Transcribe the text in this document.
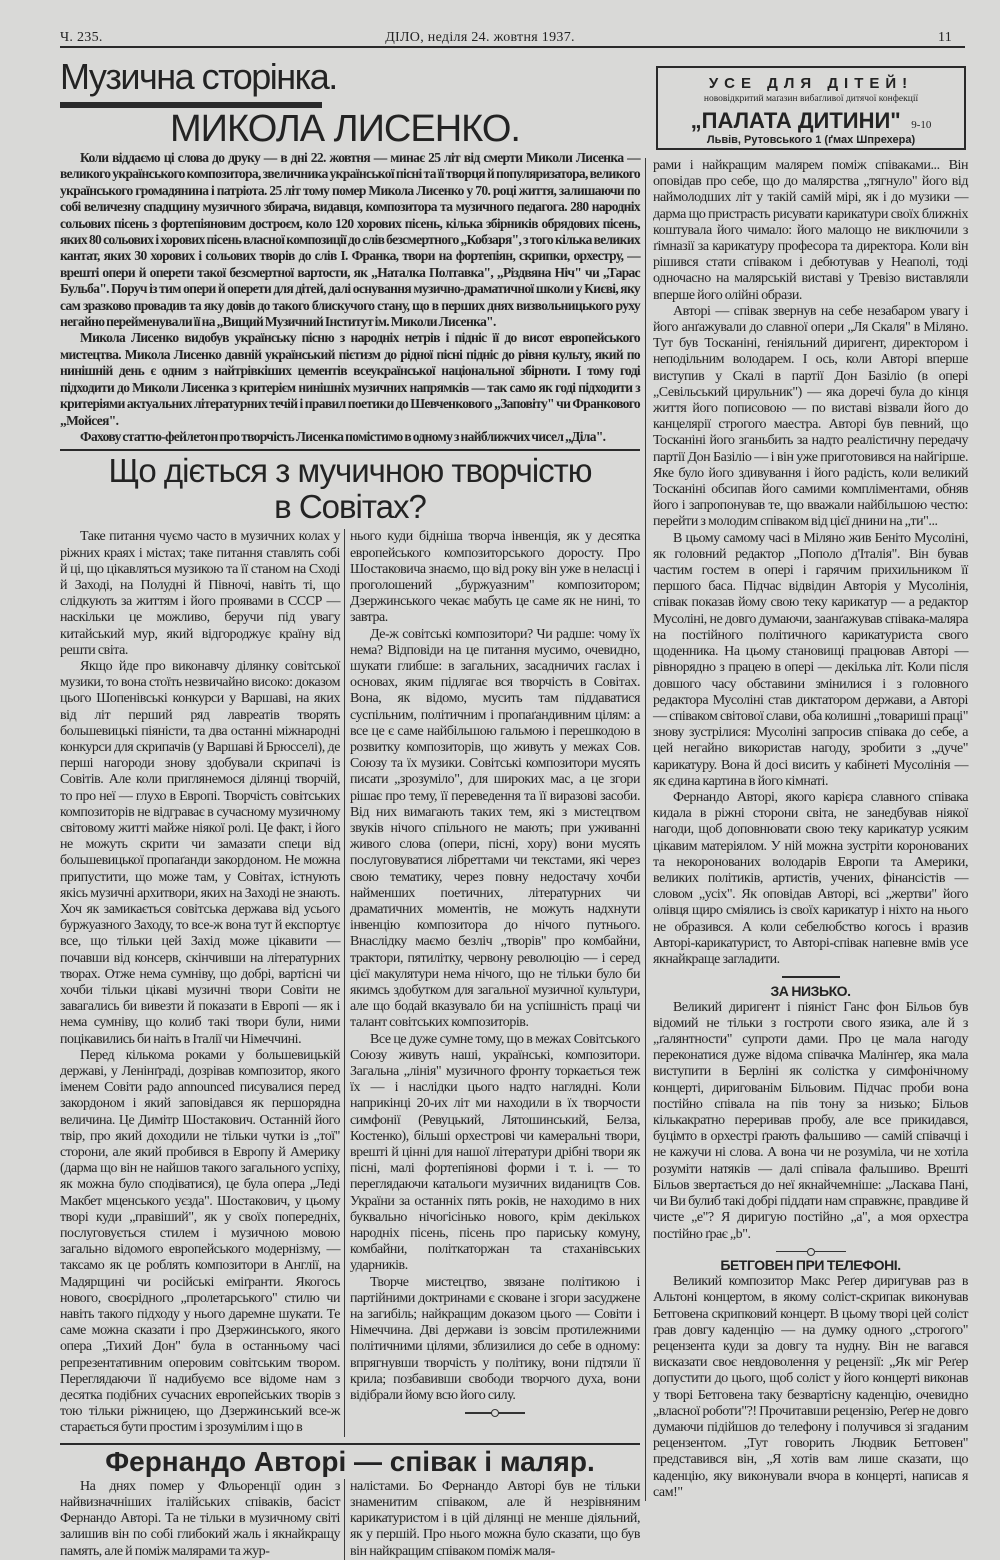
Ч. 235.	ДІЛО, неділя 24. жовтня 1937.	11
УСЕ ДЛЯ ДІТЕЙ!
нововідкритий маґазин вибаґливої дитячої конфекції
„ПАЛАТА ДИТИНИ" 9-10
Львів, Рутовського 1 (ґмах Шпрехера)
Музична сторінка.
МИКОЛА ЛИСЕНКО.

Коли віддаємо ці слова до друку — в дні 22. жовтня — минає 25 літ від смерти Миколи Лисенка — великого українського композитора, звеличника української пісні та її творця й популяризатора, великого українського громадянина і патріота. 25 літ тому помер Микола Лисенко у 70. році життя, залишаючи по собі величезну спадщину музичного збирача, видавця, композитора та музичного педагога. 280 народніх сольових пісень з фортепіяновим достроєм, коло 120 хорових пісень, кілька збірників обрядових пісень, яких 80 сольових і хорових пісень власної композиції до слів безсмертного „Кобзаря", з того кілька великих кантат, яких 30 хорових і сольових творів до слів І. Франка, твори на фортепіян, скрипки, орхестру, — врешті опери й оперети такої безсмертної вартости, як „Наталка Полтавка", „Різдвяна Ніч" чи „Тарас Бульба". Поруч із тим опери й оперети для дітей, далі оснування музично-драматичної школи у Києві, яку сам зразково провадив та яку довів до такого блискучого стану, що в перших днях визвольницького руху негайно перейменували її на „Вищий Музичний Інститут ім. Миколи Лисенка".

Микола Лисенко видобув українську пісню з народніх нетрів і підніс її до висот европейського мистецтва. Микола Лисенко давній український пієтизм до рідної пісні підніс до рівня культу, який по нинішній день є одним з найтрівкіших цементів всеукраїнської національної збірноти. І тому годі підходити до Миколи Лисенка з критерієм нинішніх музичних напрямків — так само як годі підходити з критеріями актуальних літературних течій і правил поетики до Шевченкового „Заповіту" чи Франкового „Мойсея".

Фахову статтю-фейлетон про творчість Лисенка помістимо в одному з найближчих чисел „Діла".

Що діється з мучичною творчістю
в Совітах?

Таке питання чуємо часто в музичних колах у ріжних краях і містах; таке питання ставлять собі й ці, що цікавляться музикою та її станом на Сході й Заході, на Полудні й Півночі, навіть ті, що слідкують за життям і його проявами в СССР — наскільки це можливо, беручи під увагу китайський мур, який відгороджує країну від решти світа.

Якщо йде про виконавчу ділянку совітської музики, то вона стоїть незвичайно високо: доказом цього Шопенівські конкурси у Варшаві, на яких від літ перший ряд лавреатів творять большевицькі піяністи, та два останні міжнародні конкурси для скрипачів (у Варшаві й Брюсселі), де перші нагороди знову здобували скрипачі із Совітів. Але коли приглянемося ділянці творчій, то про неї — глухо в Европі. Творчість совітських композиторів не відграває в сучасному музичному світовому житті майже ніякої ролі. Це факт, і його не можуть скрити чи замазати специ від большевицької пропаґанди закордоном. Не можна припустити, що може там, у Совітах, істнують якісь музичні архитвори, яких на Заході не знають. Хоч як замикається совітська держава від усього буржуазного Заходу, то все-ж вона тут й експортує все, що тільки цей Захід може цікавити — почавши від консерв, скінчивши на літературних творах. Отже нема сумніву, що добрі, вартісні чи хочби тільки цікаві музичні твори Совіти не завагались би вивезти й показати в Европі — як і нема сумніву, що колиб такі твори були, ними поцікавились би наіть в Італії чи Німеччині.

Перед кількома роками у большевицькій державі, у Ленінґраді, дозрівав композитор, якого іменем Совіти радо announced писувалися перед закордоном і який заповідався як першорядна величина. Це Димітр Шостакович. Останній його твір, про який доходили не тільки чутки із „тої" сторони, але який пробився в Европу й Америку (дарма що він не найшов такого загального успіху, як можна було сподіватися), це була опера „Леді Макбет мценського уєзда". Шостакович, у цьому творі куди „правіший", як у своїх попередніх, послуговується стилем і музичною мовою загально відомого европейського модернізму, — таксамо як це роблять композитори в Англії, на Мадярщині чи російські еміґранти. Якогось нового, своєрідного „пролетарського" стилю чи навіть такого підходу у нього даремне шукати. Те саме можна сказати і про Дзержинського, якого опера „Тихий Дон" була в останньому часі репрезентативним оперовим совітським твором. Переглядаючи її надибуємо все відоме нам з десятка подібних сучасних европейських творів з тою тільки ріжницею, що Дзержинський все-ж старається бути простим і зрозумілим і що в

нього куди бідніша творча інвенція, як у десятка европейського композиторського доросту. Про Шостаковича знаємо, що від року він уже в неласці і проголошений „буржуазним" композитором; Дзержинського чекає мабуть це саме як не нині, то завтра.

Де-ж совітські композитори? Чи радше: чому їх нема? Відповіди на це питання мусимо, очевидно, шукати глибше: в загальних, засадничих гаслах і основах, яким підлягає вся творчість в Совітах. Вона, як відомо, мусить там піддаватися суспільним, політичним і пропаґандивним цілям: а все це є саме найбільшою гальмою і перешкодою в розвитку композиторів, що живуть у межах Сов. Союзу та їх музики. Совітські композитори мусять писати „зрозуміло", для широких мас, а це згори рішає про тему, її переведення та її виразові засоби. Від них вимагають таких тем, які з мистецтвом звуків нічого спільного не мають; при уживанні живого слова (опери, пісні, хору) вони мусять послуговуватися лібреттами чи текстами, які через свою тематику, через повну недостачу хочби найменших поетичних, літературних чи драматичних моментів, не можуть надхнути інвенцію композитора до нічого путнього. Внаслідку маємо безліч „творів" про комбайни, трактори, пятилітку, червону революцію — і серед цієї макулятури нема нічого, що не тільки було би якимсь здобутком для загальної музичної культури, але що бодай вказувало би на успішність праці чи талант совітських композиторів.

Все це дуже сумне тому, що в межах Совітського Союзу живуть наші, українські, композитори. Загальна „лінія" музичного фронту торкається теж їх — і наслідки цього надто наглядні. Коли наприкінці 20-их літ ми находили в їх творчости симфонії (Ревуцький, Лятошинський, Белза, Костенко), більші орхестрові чи камеральні твори, врешті й цінні для нашої літератури дрібні твори як пісні, малі фортепіянові форми і т. і. — то переглядаючи катальоги музичних видаництв Сов. України за останніх пять років, не находимо в них буквально нічогісінько нового, крім декількох народніх пісень, пісень про париську комуну, комбайни, політкаторжан та стаханівських ударників.

Творче мистецтво, звязане політикою і партійними доктринами є сковане і згори засуджене на загибіль; найкращим доказом цього — Совіти і Німеччина. Дві держави із зовсім протилежними політичними цілями, зблизилися до себе в одному: впрягнувши творчість у політику, вони підтяли її крила; позбавивши свободи творчого духа, вони відібрали йому всю його силу.

Фернандо Авторі — співак і маляр.

На днях помер у Фльоренції один з найвизначніших італійських співаків, басіст Фернандо Авторі. Та не тільки в музичному світі залишив він по собі глибокий жаль і якнайкращу память, але й поміж малярами та жур-

налістами. Бо Фернандо Авторі був не тільки знаменитим співаком, але й незрівняним карикатуристом і в цій ділянці не менше діяльний, як у першій. Про нього можна було сказати, що був він найкращим співаком поміж маля-

рами і найкращим малярем поміж співаками... Він оповідав про себе, що до малярства „тягнуло" його від наймолодших літ у такій самій мірі, як і до музики — дарма що пристрасть рисувати карикатури своїх ближніх коштувала його чимало: його малощо не виключили з ґімназії за карикатуру професора та директора. Коли він рішився стати співаком і дебютував у Неаполі, тоді одночасно на малярській виставі у Тревізо виставляли вперше його олійні образи.

Авторі — співак звернув на себе незабаром увагу і його анґажували до славної опери „Ля Скаля" в Міляно. Тут був Тосканіні, ґеніяльний диригент, директором і неподільним володарем. І ось, коли Авторі вперше виступив у Скалі в партії Дон Базіліо (в опері „Севільський цирульник") — яка доречі була до кінця життя його пописовою — по виставі візвали його до канцелярії строгого маестра. Авторі був певний, що Тосканіні його зганьбить за надто реалістичну передачу партії Дон Базіліо — і він уже приготовився на найгірше. Яке було його здивування і його радість, коли великий Тосканіні обсипав його самими компліментами, обняв його і запропонував те, що вважали найбільшою честю: перейти з молодим співаком від цієї днини на „ти"...

В цьому самому часі в Міляно жив Беніто Мусоліні, як головний редактор „Пополо д'Італія". Він бував частим гостем в опері і гарячим прихильником її першого баса. Підчас відвідин Авторія у Мусолінія, співак показав йому свою теку карикатур — а редактор Мусоліні, не довго думаючи, заанґажував співака-маляра на постійного політичного карикатуриста свого щоденника. На цьому становищі працював Авторі — рівнорядно з працею в опері — декілька літ. Коли після довшого часу обставини змінилися і з головного редактора Мусоліні став диктатором держави, а Авторі — співаком світової слави, оба колишні „товариші праці" знову зустрілися: Мусоліні запросив співака до себе, а цей негайно використав нагоду, зробити з „дуче" карикатуру. Вона й досі висить у кабінеті Мусолінія — як єдина картина в його кімнаті.

Фернандо Авторі, якого карієра славного співака кидала в ріжні сторони світа, не занедбував ніякої нагоди, щоб доповнювати свою теку карикатур усяким цікавим матеріялом. У ній можна зустріти коронованих та некоронованих володарів Европи та Америки, великих політиків, артистів, учених, фінансістів — словом „усіх". Як оповідав Авторі, всі „жертви" його олівця щиро сміялись із своїх карикатур і ніхто на нього не образився. А коли себелюбство когось і вразив Авторі-карикатурист, то Авторі-співак напевне вмів усе якнайкраще загладити.

ЗА НИЗЬКО.

Великий диригент і піяніст Ганс фон Більов був відомий не тільки з гостроти свого язика, але й з „ґалянтности" супроти дами. Про це мала нагоду переконатися дуже відома співачка Малінґер, яка мала виступити в Берліні як солістка у симфонічному концерті, диригованім Більовим. Підчас проби вона постійно співала на пів тону за низько; Більов кількакратно переривав пробу, але все прикидався, буцімто в орхестрі ґрають фальшиво — самій співачці і не кажучи ні слова. А вона чи не розуміла, чи не хотіла розуміти натяків — далі співала фальшиво. Врешті Більов звертається до неї якнайчемніше: „Ласкава Пані, чи Ви булиб такі добрі піддати нам справжнє, правдиве й чисте „е"? Я диригую постійно „а", а моя орхестра постійно ґрає „b".

БЕТГОВЕН ПРИ ТЕЛЕФОНІ.

Великий композитор Макс Реґер диригував раз в Альтоні концертом, в якому соліст-скрипак виконував Бетговена скрипковий концерт. В цьому творі цей соліст ґрав довгу каденцію — на думку одного „строгого" рецензента куди за довгу та нудну. Він не вагався висказати своє невдоволення у рецензії: „Як міг Реґер допустити до цього, щоб соліст у його концерті виконав у творі Бетговена таку безвартісну каденцію, очевидно „власної роботи"?! Прочитавши рецензію, Реґер не довго думаючи підійшов до телефону і получився зі згаданим рецензентом. „Тут говорить Людвик Бетговен" представився він, „Я хотів вам лише сказати, що каденцію, яку виконували вчора в концерті, написав я сам!"
